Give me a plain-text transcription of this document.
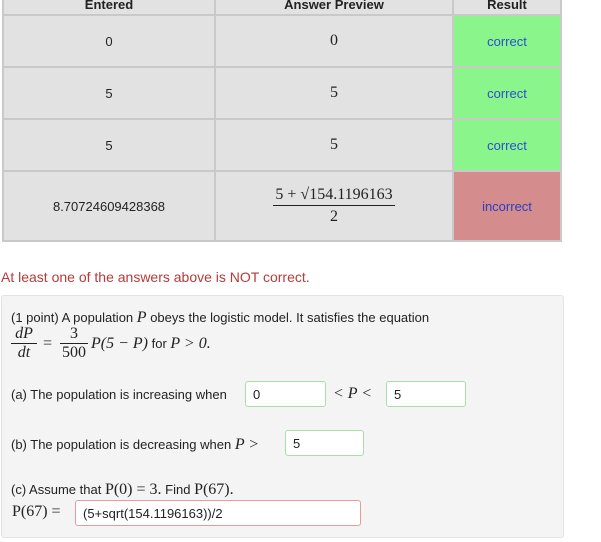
Entered	Answer Preview	Result
0	0	correct
5	5	correct
5	5	correct
8.70724609428368	$\frac{5 + √154.1196163}{2}$	incorrect
At least one of the answers above is NOT correct.
(1 point) A population P obeys the logistic model. It satisfies the equation
$\frac{dP}{dt} = \frac{3}{500} P(5 - P)$ for P > 0.
(a) The population is increasing when	0	< P <	5
(b) The population is decreasing when P >	5
(c) Assume that P(0) = 3. Find P(67).
P(67) =	(5+sqrt(154.1196163))/2
